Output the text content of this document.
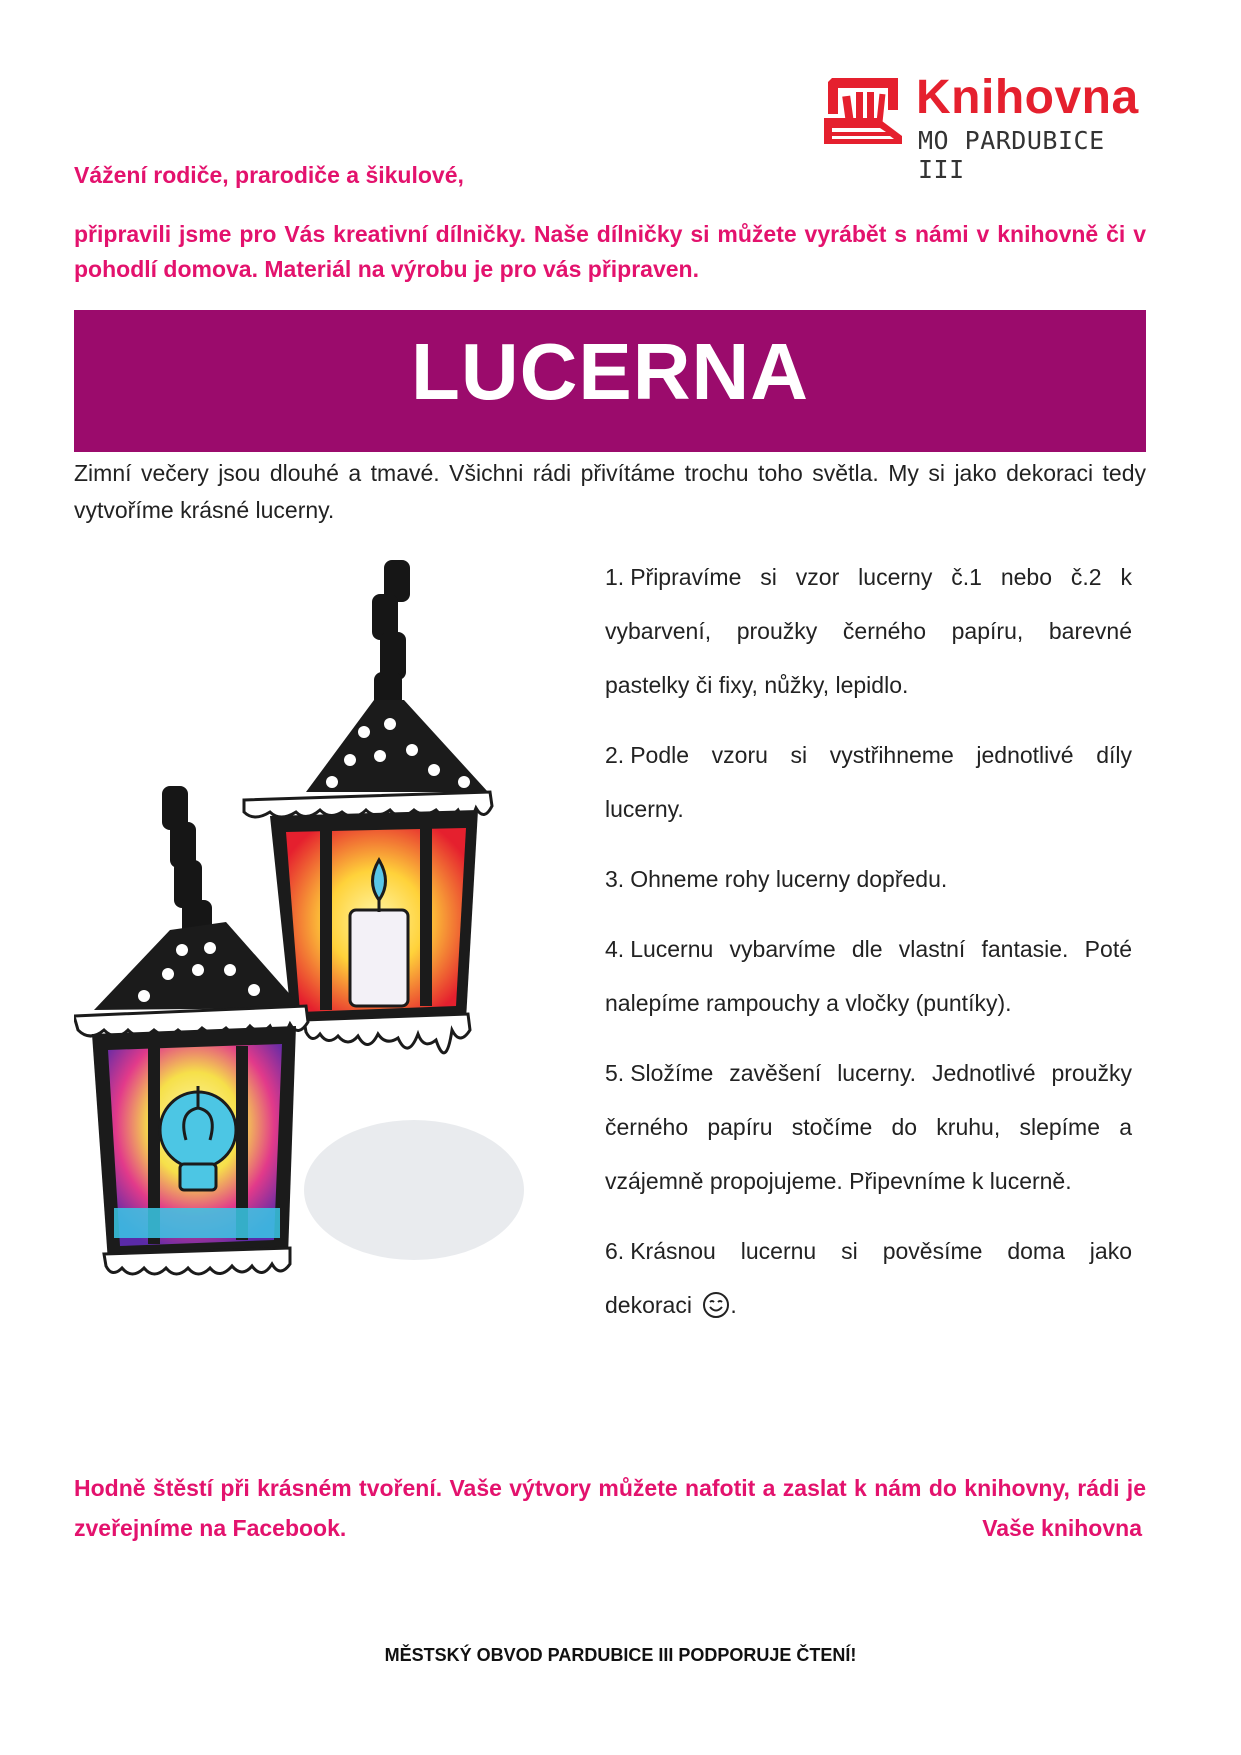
Knihovna
MO PARDUBICE III
Vážení rodiče, prarodiče a šikulové,
připravili jsme pro Vás kreativní dílničky. Naše dílničky si můžete vyrábět s námi v knihovně či v pohodlí domova. Materiál na výrobu je pro vás připraven.
LUCERNA
Zimní večery jsou dlouhé a tmavé. Všichni rádi přivítáme trochu toho světla. My si jako dekoraci tedy vytvoříme krásné lucerny.

1. Připravíme si vzor lucerny č.1 nebo č.2 k vybarvení, proužky černého papíru, barevné pastelky či fixy, nůžky, lepidlo.

2. Podle vzoru si vystřihneme jednotlivé díly lucerny.

3. Ohneme rohy lucerny dopředu.

4. Lucernu vybarvíme dle vlastní fantasie. Poté nalepíme rampouchy a vločky (puntíky).

5. Složíme zavěšení lucerny. Jednotlivé proužky černého papíru stočíme do kruhu, slepíme a vzájemně propojujeme. Připevníme k lucerně.

6. Krásnou lucernu si pověsíme doma jako dekoraci .

Hodně štěstí při krásném tvoření. Vaše výtvory můžete nafotit a zaslat k nám do knihovny, rádi je zveřejníme na Facebook.	Vaše knihovna
MĚSTSKÝ OBVOD PARDUBICE III PODPORUJE ČTENÍ!
